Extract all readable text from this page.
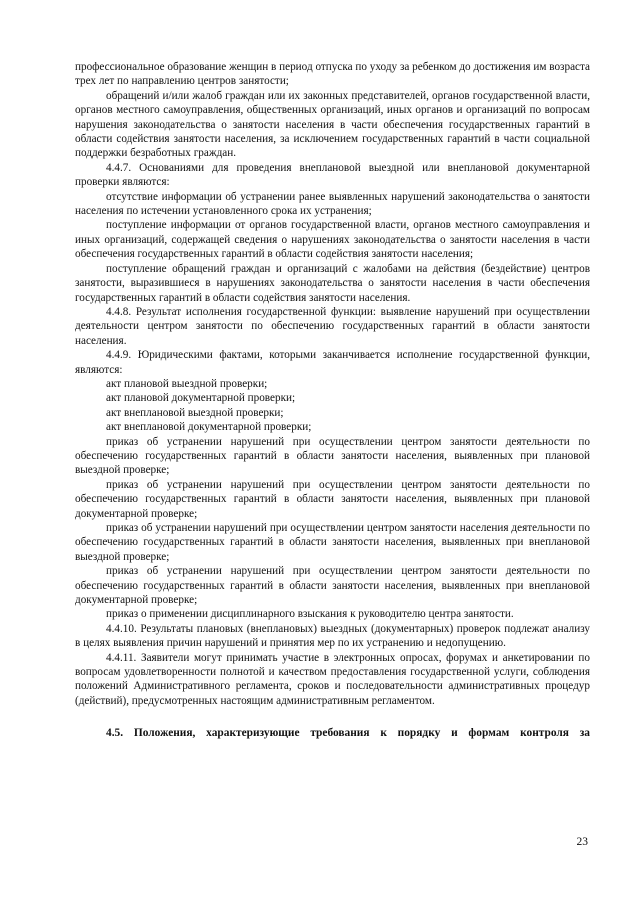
профессиональное образование женщин в период отпуска по уходу за ребенком до достижения им возраста трех лет по направлению центров занятости;

обращений и/или жалоб граждан или их законных представителей, органов государственной власти, органов местного самоуправления, общественных организаций, иных органов и организаций по вопросам нарушения законодательства о занятости населения в части обеспечения государственных гарантий в области содействия занятости населения, за исключением государственных гарантий в части социальной поддержки безработных граждан.

4.4.7. Основаниями для проведения внеплановой выездной или внеплановой документарной проверки являются:

отсутствие информации об устранении ранее выявленных нарушений законодательства о занятости населения по истечении установленного срока их устранения;

поступление информации от органов государственной власти, органов местного самоуправления и иных организаций, содержащей сведения о нарушениях законодательства о занятости населения в части обеспечения государственных гарантий в области содействия занятости населения;

поступление обращений граждан и организаций с жалобами на действия (бездействие) центров занятости, выразившиеся в нарушениях законодательства о занятости населения в части обеспечения государственных гарантий в области содействия занятости населения.

4.4.8. Результат исполнения государственной функции: выявление нарушений при осуществлении деятельности центром занятости по обеспечению государственных гарантий в области занятости населения.

4.4.9. Юридическими фактами, которыми заканчивается исполнение государственной функции, являются:

акт плановой выездной проверки;

акт плановой документарной проверки;

акт внеплановой выездной проверки;

акт внеплановой документарной проверки;

приказ об устранении нарушений при осуществлении центром занятости деятельности по обеспечению государственных гарантий в области занятости населения, выявленных при плановой выездной проверке;

приказ об устранении нарушений при осуществлении центром занятости деятельности по обеспечению государственных гарантий в области занятости населения, выявленных при плановой документарной проверке;

приказ об устранении нарушений при осуществлении центром занятости населения деятельности по обеспечению государственных гарантий в области занятости населения, выявленных при внеплановой выездной проверке;

приказ об устранении нарушений при осуществлении центром занятости деятельности по обеспечению государственных гарантий в области занятости населения, выявленных при внеплановой документарной проверке;

приказ о применении дисциплинарного взыскания к руководителю центра занятости.

4.4.10. Результаты плановых (внеплановых) выездных (документарных) проверок подлежат анализу в целях выявления причин нарушений и принятия мер по их устранению и недопущению.

4.4.11. Заявители могут принимать участие в электронных опросах, форумах и анкетировании по вопросам удовлетворенности полнотой и качеством предоставления государственной услуги, соблюдения положений Административного регламента, сроков и последовательности административных процедур (действий), предусмотренных настоящим административным регламентом.

4.5. Положения, характеризующие требования к порядку и формам контроля за

23
